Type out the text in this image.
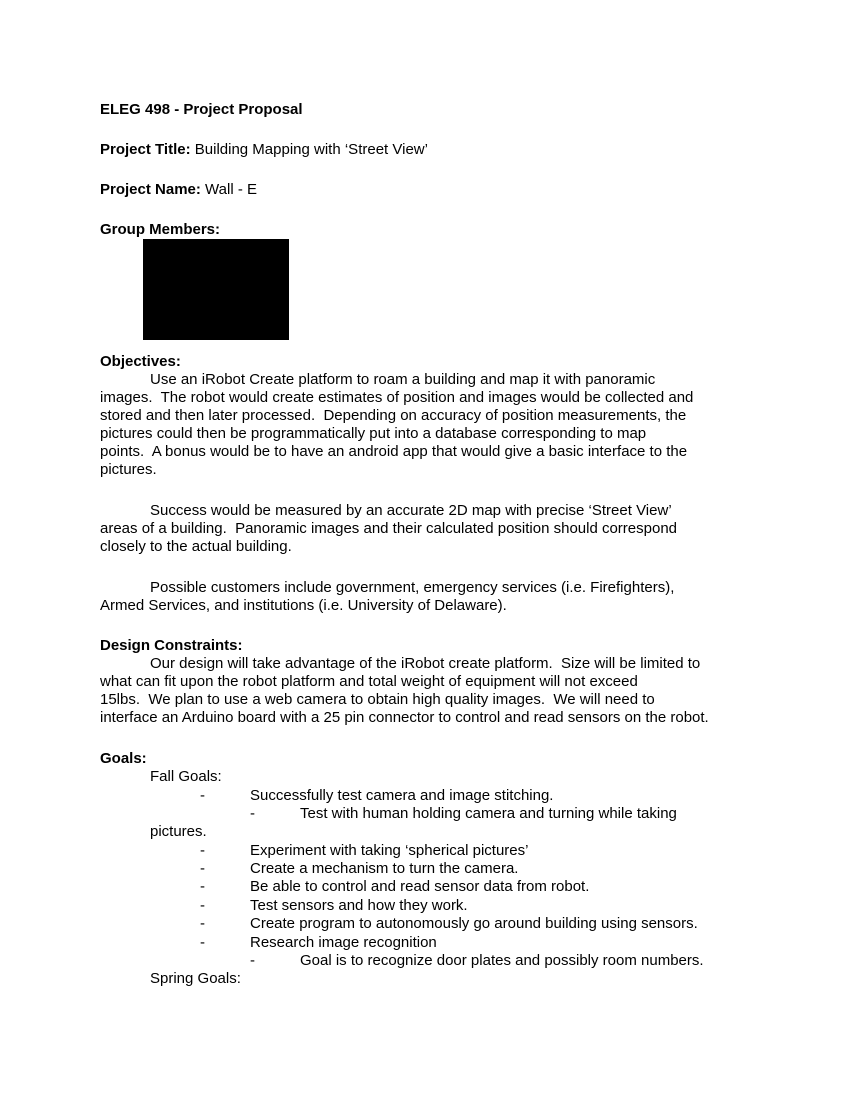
ELEG 498 - Project Proposal
Project Title: Building Mapping with ‘Street View’
Project Name: Wall - E
Group Members:
Objectives:
Use an iRobot Create platform to roam a building and map it with panoramic
images.  The robot would create estimates of position and images would be collected and
stored and then later processed.  Depending on accuracy of position measurements, the
pictures could then be programmatically put into a database corresponding to map
points.  A bonus would be to have an android app that would give a basic interface to the
pictures.
Success would be measured by an accurate 2D map with precise ‘Street View’
areas of a building.  Panoramic images and their calculated position should correspond
closely to the actual building.
Possible customers include government, emergency services (i.e. Firefighters),
Armed Services, and institutions (i.e. University of Delaware).
Design Constraints:
Our design will take advantage of the iRobot create platform.  Size will be limited to
what can fit upon the robot platform and total weight of equipment will not exceed
15lbs.  We plan to use a web camera to obtain high quality images.  We will need to
interface an Arduino board with a 25 pin connector to control and read sensors on the robot.
Goals:
Fall Goals:
-	Successfully test camera and image stitching.
-	Test with human holding camera and turning while taking
pictures.
-	Experiment with taking ‘spherical pictures’
-	Create a mechanism to turn the camera.
-	Be able to control and read sensor data from robot.
-	Test sensors and how they work.
-	Create program to autonomously go around building using sensors.
-	Research image recognition
-	Goal is to recognize door plates and possibly room numbers.
Spring Goals:
